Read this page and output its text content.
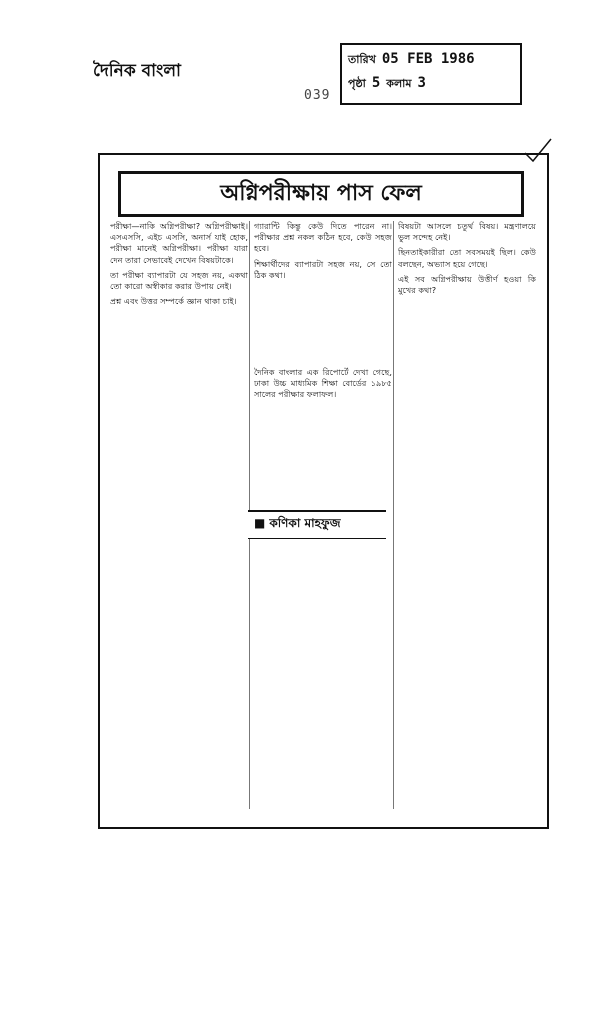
দৈনিক বাংলা
039
তারিখ 05 FEB 1986
পৃষ্ঠা 5 কলাম 3
অগ্নিপরীক্ষায় পাস ফেল

পরীক্ষা—নাকি অগ্নিপরীক্ষা? অগ্নিপরীক্ষাই। এসএসসি, এইচ এসসি, অনার্স যাই হোক, পরীক্ষা মানেই অগ্নিপরীক্ষা। পরীক্ষা যারা দেন তারা সেভাবেই দেখেন বিষয়টাকে।

তা পরীক্ষা ব্যাপারটা যে সহজ নয়, একথা তো কারো অস্বীকার করার উপায় নেই।

প্রশ্ন এবং উত্তর সম্পর্কে জ্ঞান থাকা চাই।

গ্যারান্টি কিন্তু কেউ দিতে পারেন না। পরীক্ষার প্রশ্ন নকল কঠিন হবে, কেউ সহজ হবে।

শিক্ষার্থীদের ব্যাপারটা সহজ নয়, সে তো ঠিক কথা।

দৈনিক বাংলার এক রিপোর্টে দেখা গেছে, ঢাকা উচ্চ মাধ্যমিক শিক্ষা বোর্ডের ১৯৮৫ সালের পরীক্ষার ফলাফল।

■ কণিকা মাহফুজ

বিষয়টা আসলে চতুর্থ বিষয়। মন্ত্রণালয়ে ভুল সন্দেহ নেই।

ছিনতাইকারীরা তো সবসময়ই ছিল। কেউ বলছেন, অভ্যাস হয়ে গেছে।

এই সব অগ্নিপরীক্ষায় উত্তীর্ণ হওয়া কি মুখের কথা?
